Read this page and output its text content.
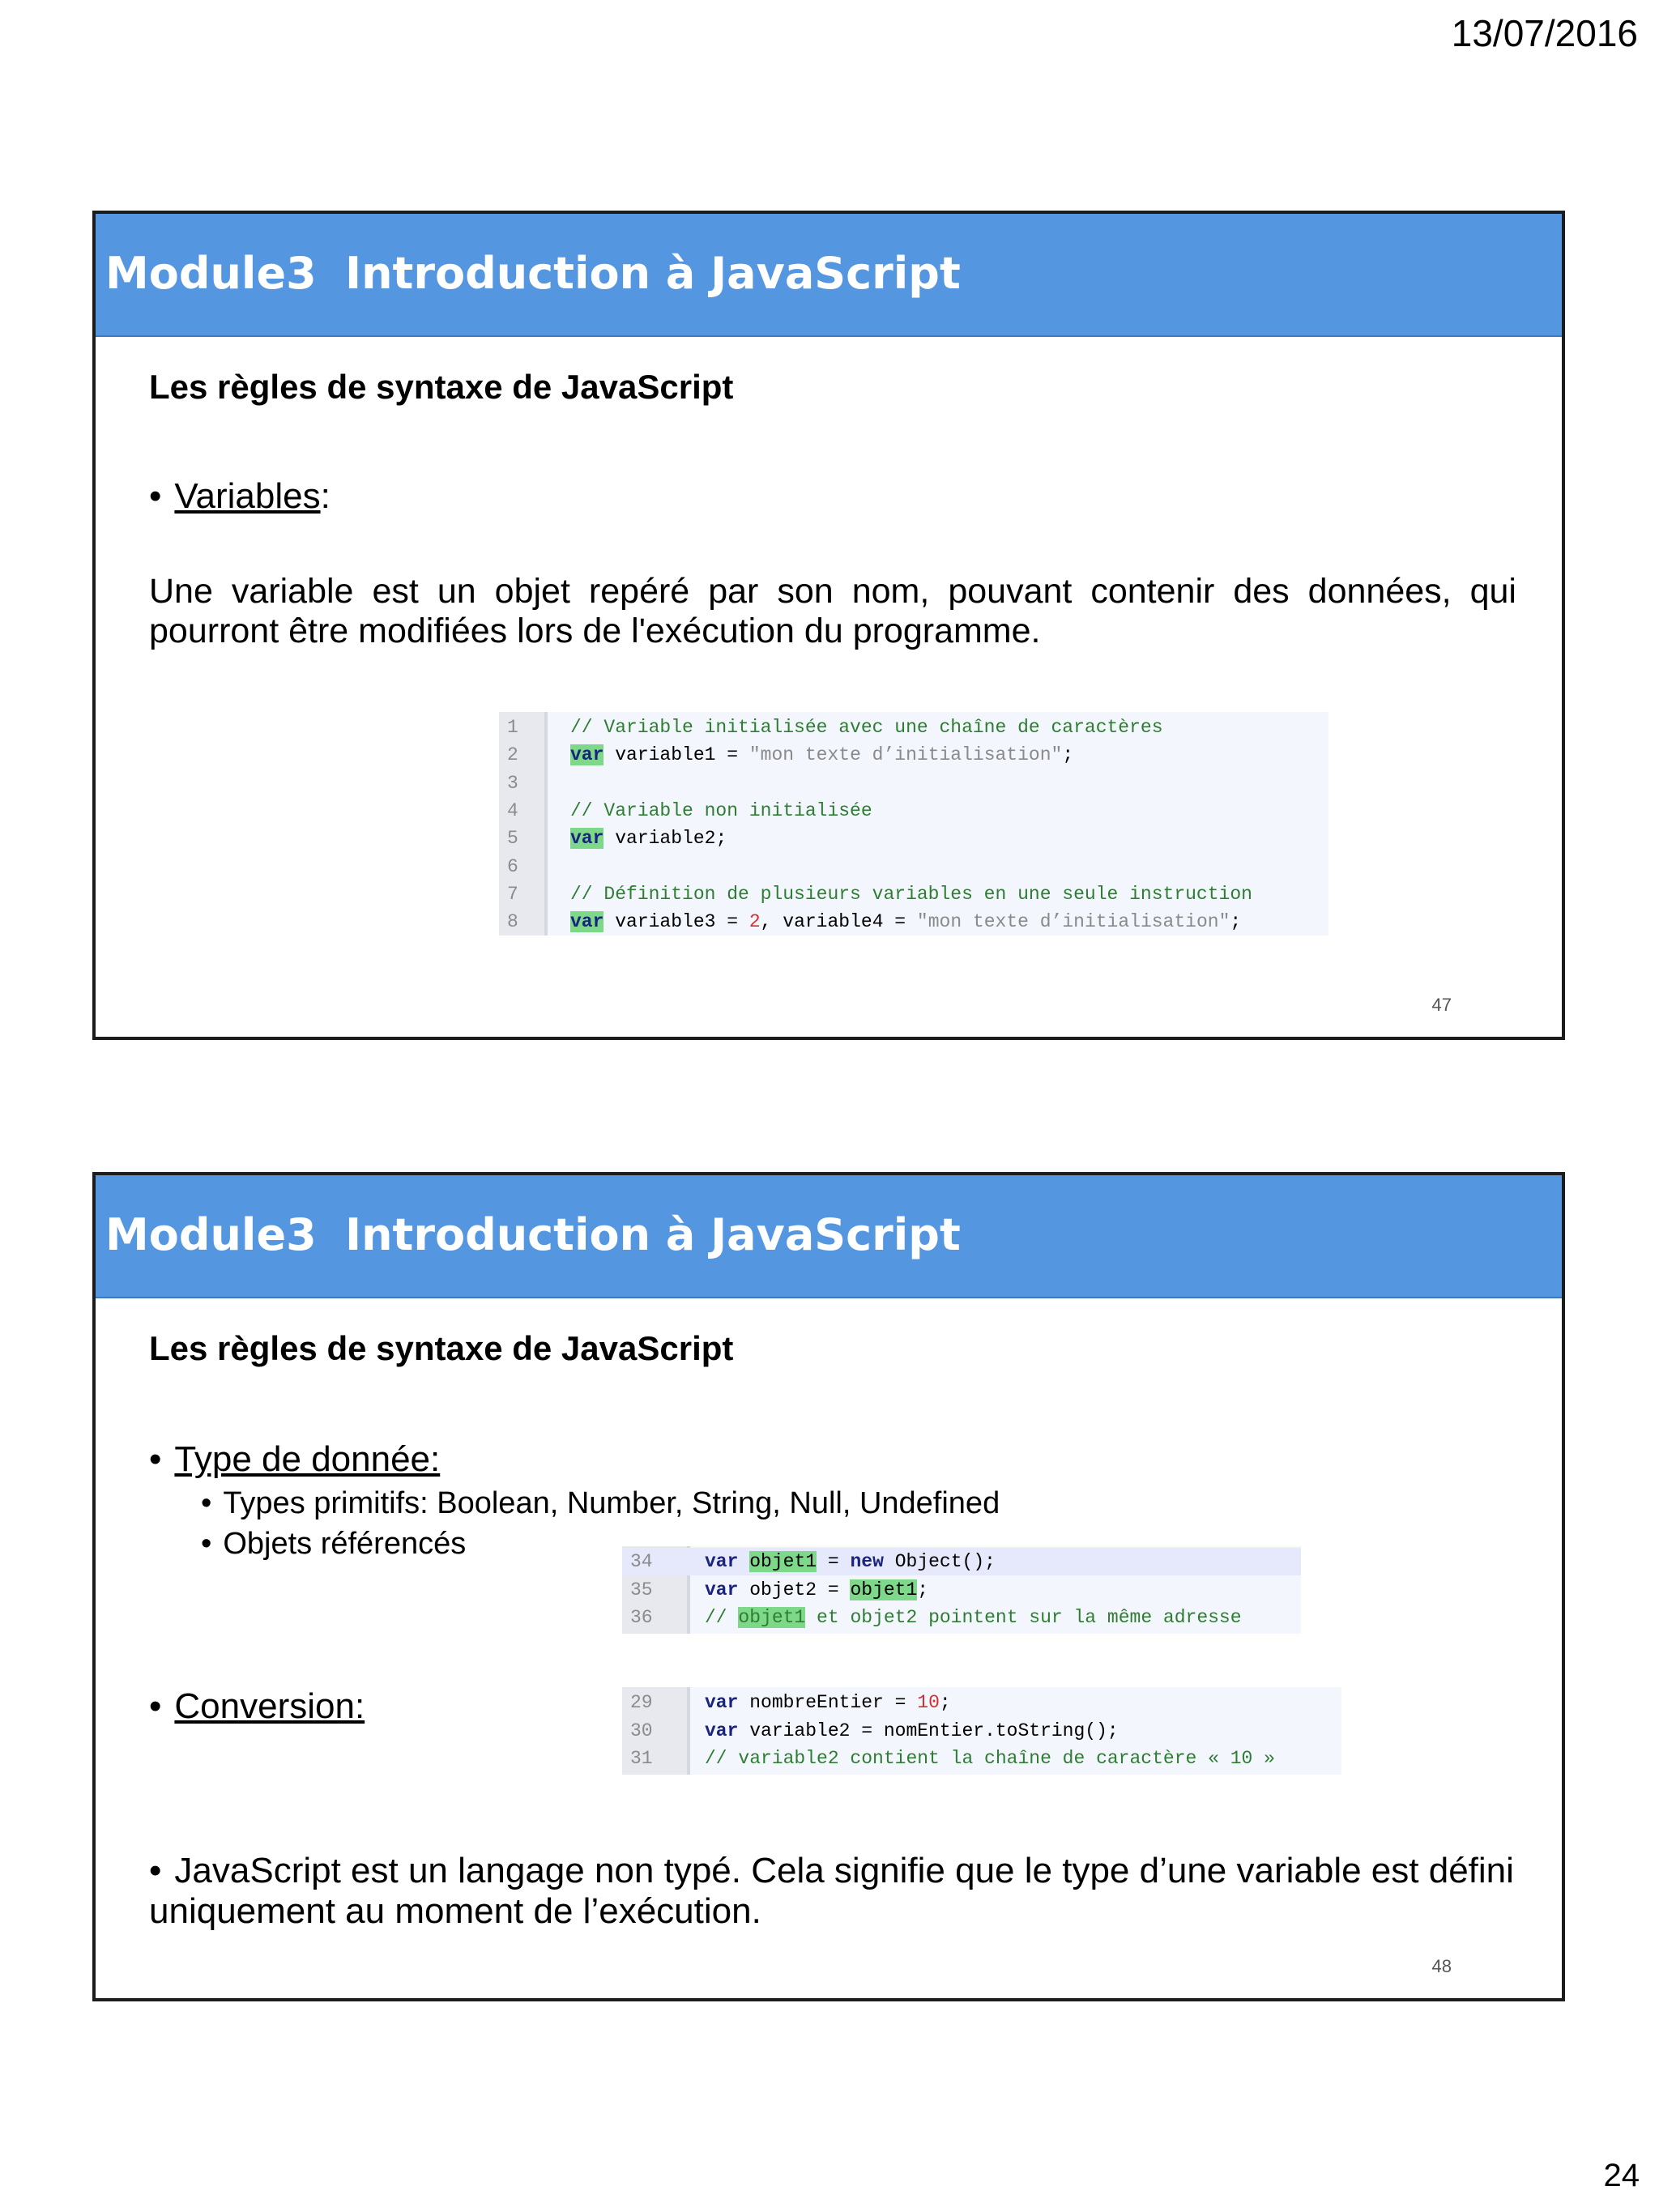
13/07/2016
Module3 Introduction à JavaScript
Les règles de syntaxe de JavaScript
• Variables:
Une variable est un objet repéré par son nom, pouvant contenir des données, qui pourront être modifiées lors de l'exécution du programme.
1	// Variable initialisée avec une chaîne de caractères
2	var variable1 = "mon texte d’initialisation";
3
4	// Variable non initialisée
5	var variable2;
6
7	// Définition de plusieurs variables en une seule instruction
8	var variable3 = 2, variable4 = "mon texte d’initialisation";
47
Module3 Introduction à JavaScript
Les règles de syntaxe de JavaScript
• Type de donnée:
• Types primitifs: Boolean, Number, String, Null, Undefined
• Objets référencés
34	var objet1 = new Object();
35	var objet2 = objet1;
36	// objet1 et objet2 pointent sur la même adresse
• Conversion:	29	var nombreEntier = 10;
30	var variable2 = nomEntier.toString();
31	// variable2 contient la chaîne de caractère « 10 »
• JavaScript est un langage non typé. Cela signifie que le type d’une variable est défini uniquement au moment de l’exécution.
48
24
